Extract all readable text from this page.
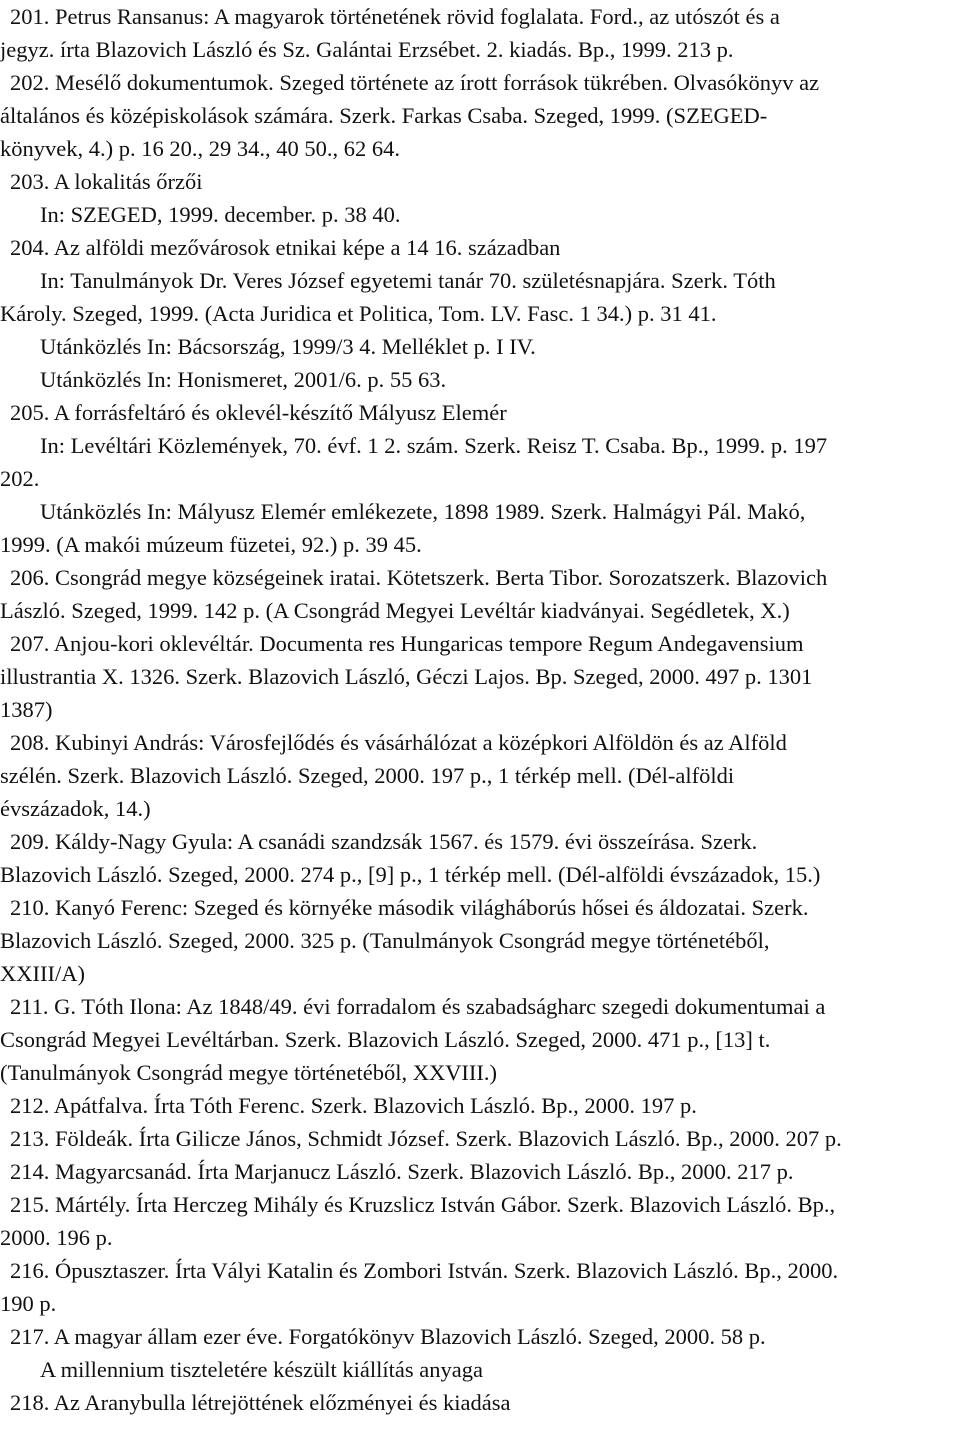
201. Petrus Ransanus: A magyarok történetének rövid foglalata. Ford., az utószót és a
jegyz. írta Blazovich László és Sz. Galántai Erzsébet. 2. kiadás. Bp., 1999. 213 p.
202. Mesélő dokumentumok. Szeged története az írott források tükrében. Olvasókönyv az
általános és középiskolások számára. Szerk. Farkas Csaba. Szeged, 1999. (SZEGED-
könyvek, 4.) p. 16 20., 29 34., 40 50., 62 64.
203. A lokalitás őrzői
In: SZEGED, 1999. december. p. 38 40.
204. Az alföldi mezővárosok etnikai képe a 14 16. században
In: Tanulmányok Dr. Veres József egyetemi tanár 70. születésnapjára. Szerk. Tóth
Károly. Szeged, 1999. (Acta Juridica et Politica, Tom. LV. Fasc. 1 34.) p. 31 41.
Utánközlés In: Bácsország, 1999/3 4. Melléklet p. I IV.
Utánközlés In: Honismeret, 2001/6. p. 55 63.
205. A forrásfeltáró és oklevél-készítő Mályusz Elemér
In: Levéltári Közlemények, 70. évf. 1 2. szám. Szerk. Reisz T. Csaba. Bp., 1999. p. 197
202.
Utánközlés In: Mályusz Elemér emlékezete, 1898 1989. Szerk. Halmágyi Pál. Makó,
1999. (A makói múzeum füzetei, 92.) p. 39 45.
206. Csongrád megye községeinek iratai. Kötetszerk. Berta Tibor. Sorozatszerk. Blazovich
László. Szeged, 1999. 142 p. (A Csongrád Megyei Levéltár kiadványai. Segédletek, X.)
207. Anjou-kori oklevéltár. Documenta res Hungaricas tempore Regum Andegavensium
illustrantia X. 1326. Szerk. Blazovich László, Géczi Lajos. Bp. Szeged, 2000. 497 p. 1301
1387)
208. Kubinyi András: Városfejlődés és vásárhálózat a középkori Alföldön és az Alföld
szélén. Szerk. Blazovich László. Szeged, 2000. 197 p., 1 térkép mell. (Dél-alföldi
évszázadok, 14.)
209. Káldy-Nagy Gyula: A csanádi szandzsák 1567. és 1579. évi összeírása. Szerk.
Blazovich László. Szeged, 2000. 274 p., [9] p., 1 térkép mell. (Dél-alföldi évszázadok, 15.)
210. Kanyó Ferenc: Szeged és környéke második világháborús hősei és áldozatai. Szerk.
Blazovich László. Szeged, 2000. 325 p. (Tanulmányok Csongrád megye történetéből,
XXIII/A)
211. G. Tóth Ilona: Az 1848/49. évi forradalom és szabadságharc szegedi dokumentumai a
Csongrád Megyei Levéltárban. Szerk. Blazovich László. Szeged, 2000. 471 p., [13] t.
(Tanulmányok Csongrád megye történetéből, XXVIII.)
212. Apátfalva. Írta Tóth Ferenc. Szerk. Blazovich László. Bp., 2000. 197 p.
213. Földeák. Írta Gilicze János, Schmidt József. Szerk. Blazovich László. Bp., 2000. 207 p.
214. Magyarcsanád. Írta Marjanucz László. Szerk. Blazovich László. Bp., 2000. 217 p.
215. Mártély. Írta Herczeg Mihály és Kruzslicz István Gábor. Szerk. Blazovich László. Bp.,
2000. 196 p.
216. Ópusztaszer. Írta Vályi Katalin és Zombori István. Szerk. Blazovich László. Bp., 2000.
190 p.
217. A magyar állam ezer éve. Forgatókönyv Blazovich László. Szeged, 2000. 58 p.
A millennium tiszteletére készült kiállítás anyaga
218. Az Aranybulla létrejöttének előzményei és kiadása
